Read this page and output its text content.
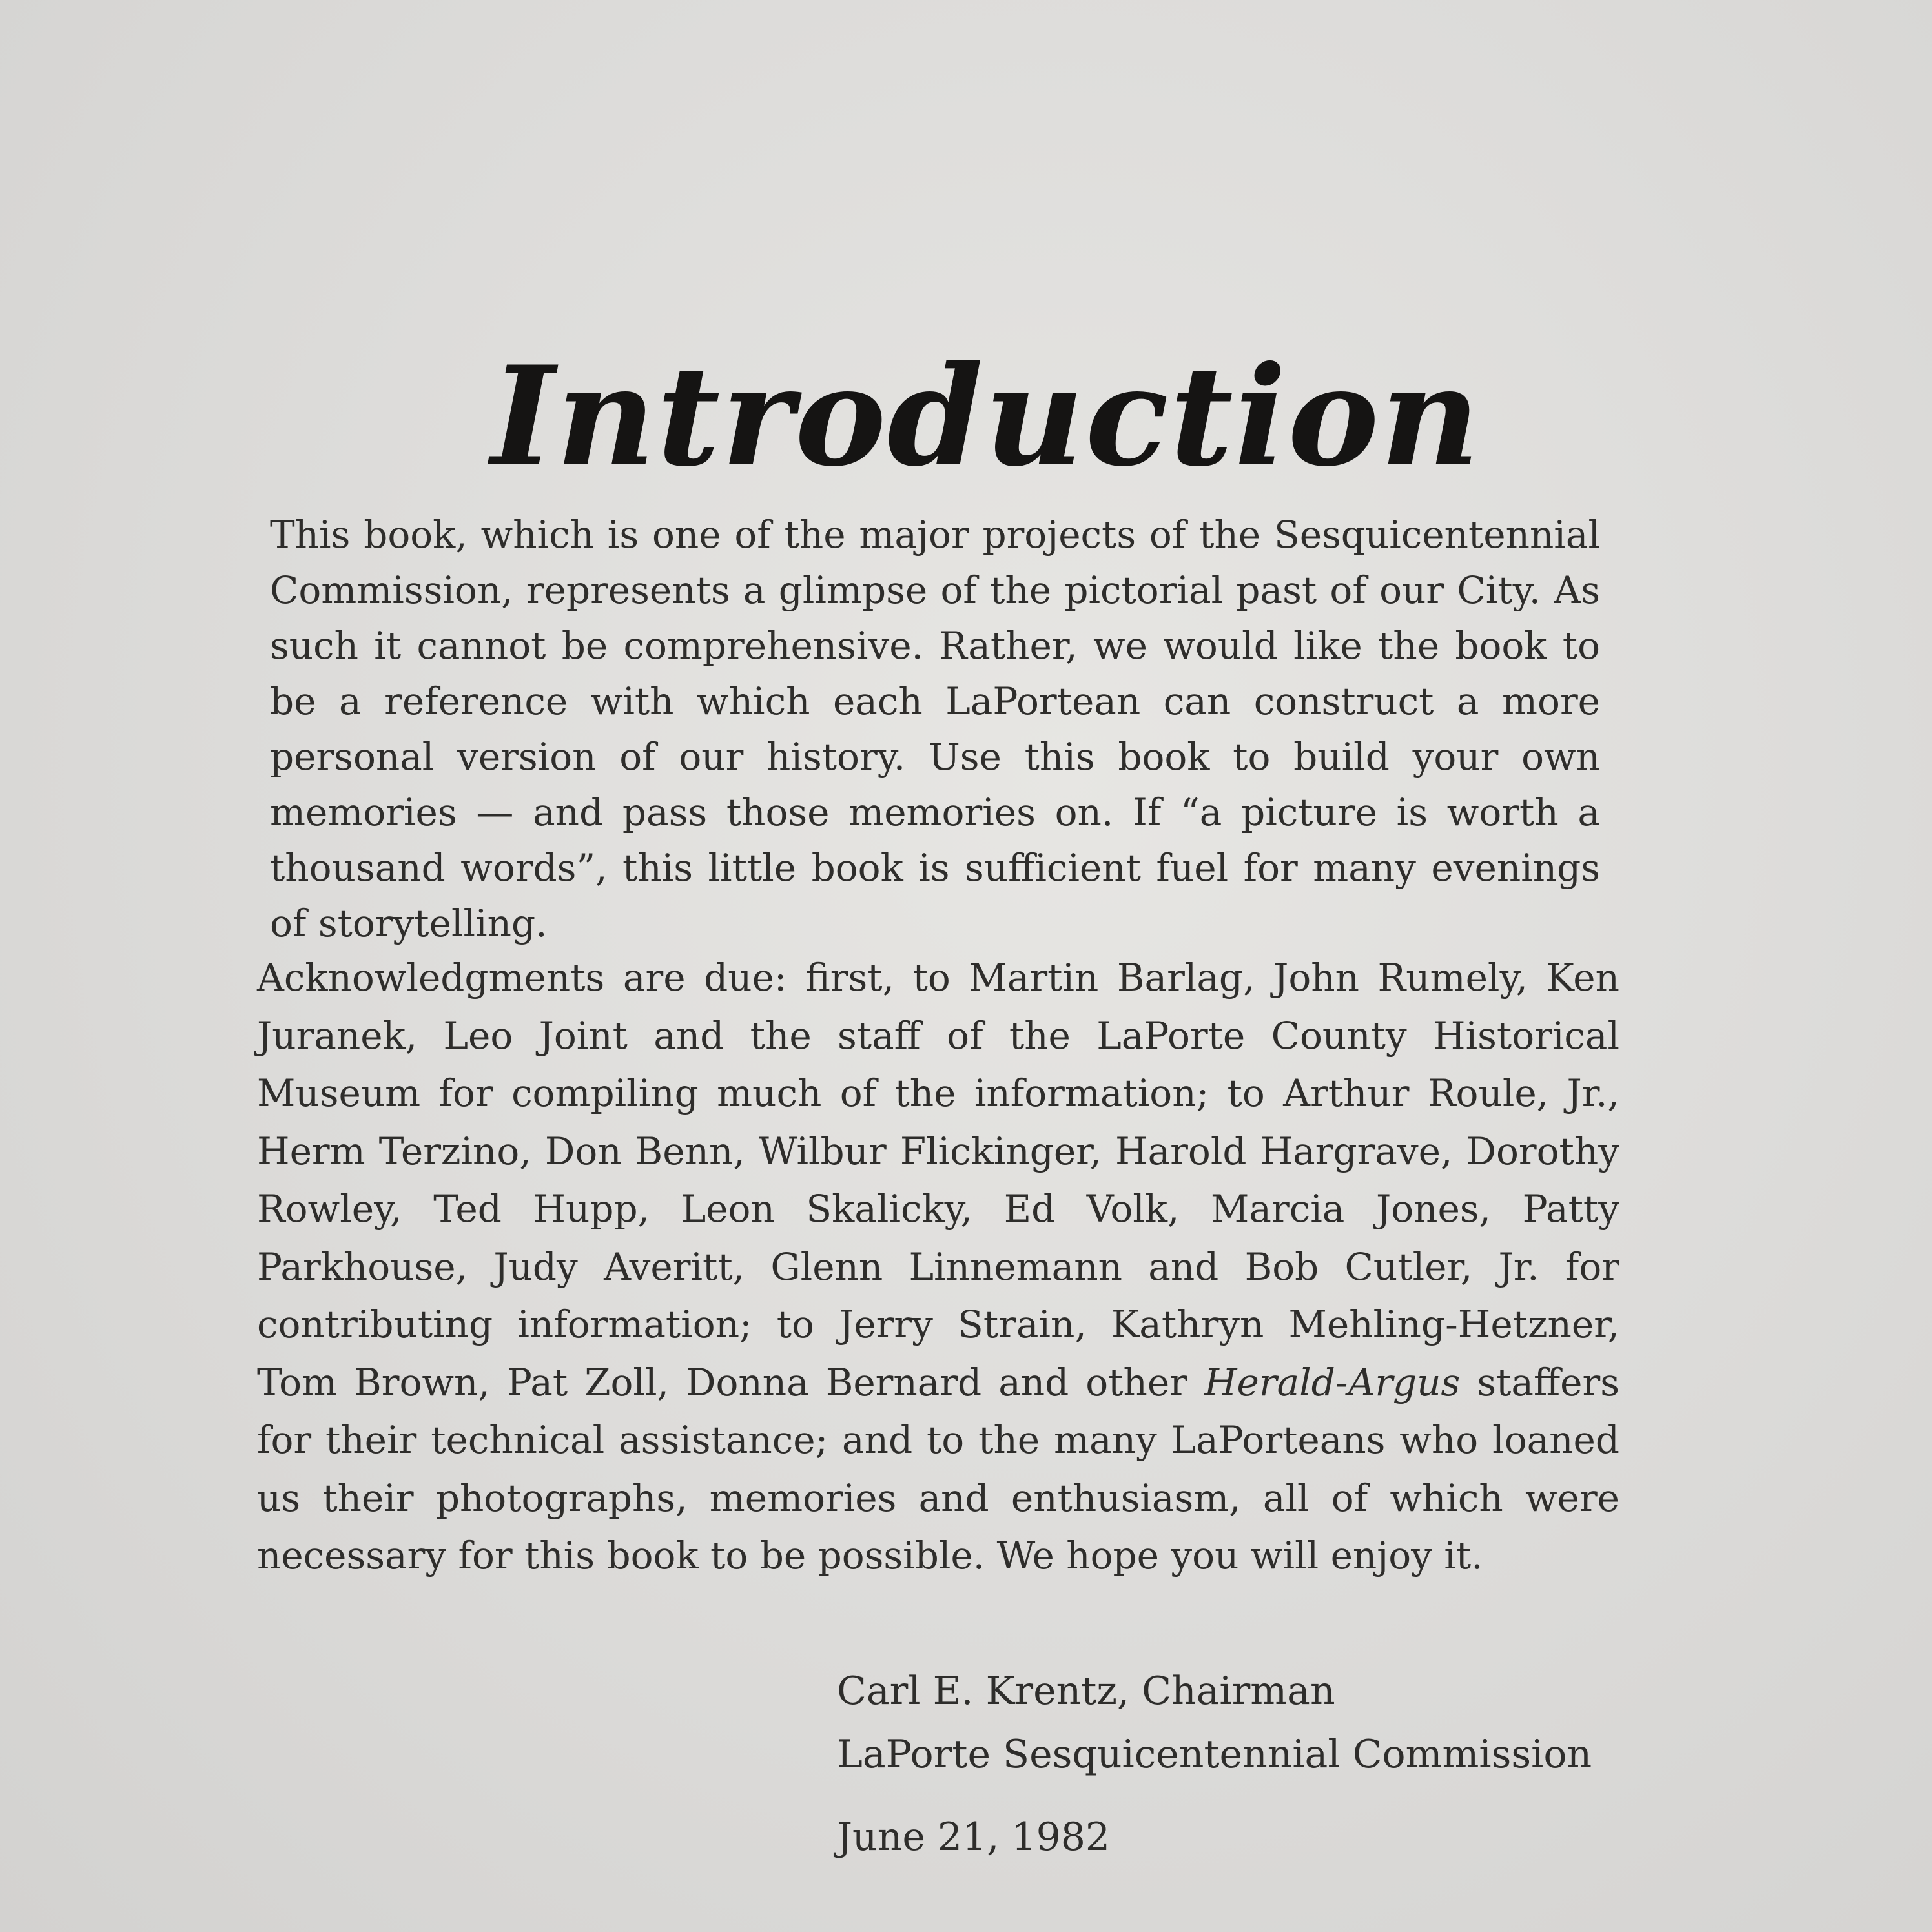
Introduction

This book, which is one of the major projects of the Sesquicentennial Commission, represents a glimpse of the pictorial past of our City. As such it cannot be comprehensive. Rather, we would like the book to be a reference with which each LaPortean can construct a more personal version of our history. Use this book to build your own memories — and pass those memories on. If “a picture is worth a thousand words”, this little book is sufficient fuel for many evenings of storytelling.

Acknowledgments are due: first, to Martin Barlag, John Rumely, Ken Juranek, Leo Joint and the staff of the LaPorte County Historical Museum for compiling much of the information; to Arthur Roule, Jr., Herm Terzino, Don Benn, Wilbur Flickinger, Harold Hargrave, Dorothy Rowley, Ted Hupp, Leon Skalicky, Ed Volk, Marcia Jones, Patty Parkhouse, Judy Averitt, Glenn Linnemann and Bob Cutler, Jr. for contributing information; to Jerry Strain, Kathryn Mehling-Hetzner, Tom Brown, Pat Zoll, Donna Bernard and other Herald-Argus staffers for their technical assistance; and to the many LaPorteans who loaned us their photographs, memories and enthusiasm, all of which were necessary for this book to be possible. We hope you will enjoy it.

Carl E. Krentz, Chairman
LaPorte Sesquicentennial Commission
June 21, 1982
